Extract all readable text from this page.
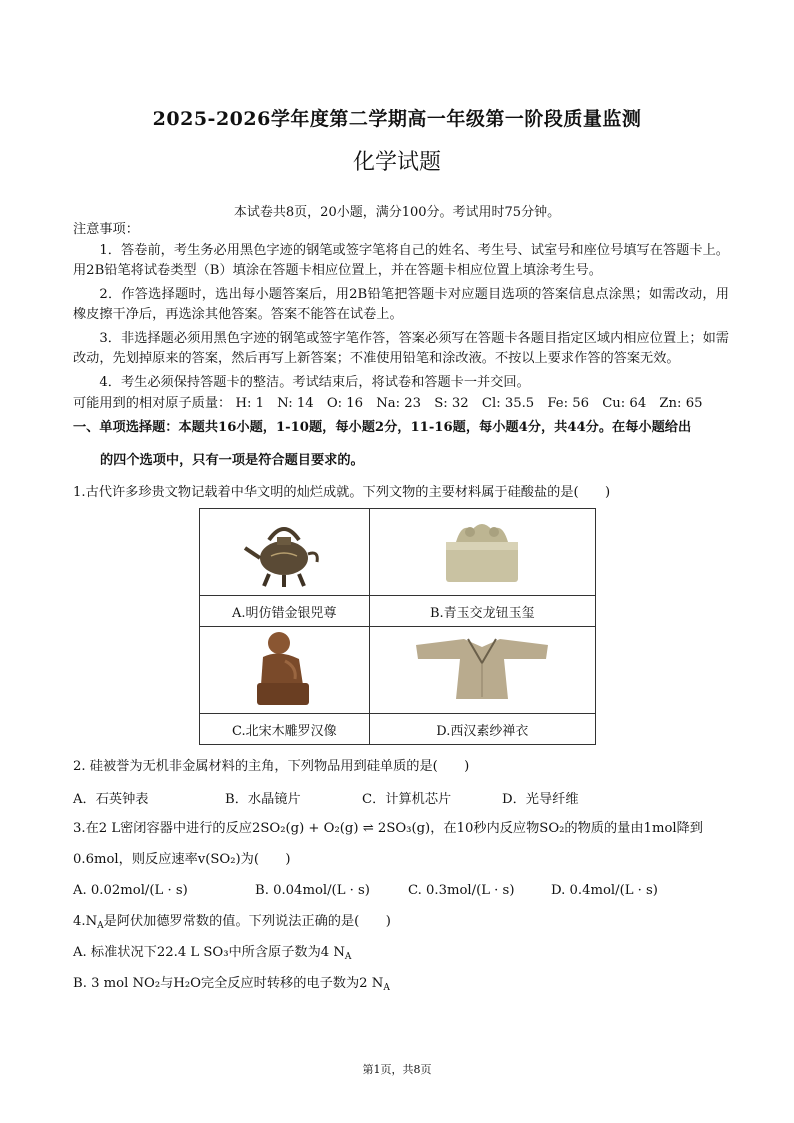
2025-2026学年度第二学期高一年级第一阶段质量监测
化学试题
本试卷共8页，20小题，满分100分。考试用时75分钟。
注意事项：
1．答卷前，考生务必用黑色字迹的钢笔或签字笔将自己的姓名、考生号、试室号和座位号填写在答题卡上。用2B铅笔将试卷类型（B）填涂在答题卡相应位置上，并在答题卡相应位置上填涂考生号。
2．作答选择题时，选出每小题答案后，用2B铅笔把答题卡对应题目选项的答案信息点涂黑；如需改动，用橡皮擦干净后，再选涂其他答案。答案不能答在试卷上。
3．非选择题必须用黑色字迹的钢笔或签字笔作答，答案必须写在答题卡各题目指定区域内相应位置上；如需改动，先划掉原来的答案，然后再写上新答案；不准使用铅笔和涂改液。不按以上要求作答的答案无效。
4．考生必须保持答题卡的整洁。考试结束后，将试卷和答题卡一并交回。
可能用到的相对原子质量： H: 1　N: 14　O: 16　Na: 23　S: 32　Cl: 35.5　Fe: 56　Cu: 64　Zn: 65
一、单项选择题：本题共16小题，1-10题，每小题2分，11-16题，每小题4分，共44分。在每小题给出
的四个选项中，只有一项是符合题目要求的。
1.古代许多珍贵文物记载着中华文明的灿烂成就。下列文物的主要材料属于硅酸盐的是(　　)

A.明仿错金银兕尊	B.青玉交龙钮玉玺

C.北宋木雕罗汉像	D.西汉素纱禅衣
2. 硅被誉为无机非金属材料的主角，下列物品用到硅单质的是(　　)
A．石英钟表	B．水晶镜片	C．计算机芯片	D．光导纤维
3.在2 L密闭容器中进行的反应2SO₂(g) + O₂(g) ⇌ 2SO₃(g)，在10秒内反应物SO₂的物质的量由1mol降到
0.6mol，则反应速率v(SO₂)为(　　)
A. 0.02mol/(L · s)	B. 0.04mol/(L · s)	C. 0.3mol/(L · s)	D. 0.4mol/(L · s)
$4.N_A$是阿伏加德罗常数的值。下列说法正确的是(　　)
A. 标准状况下22.4 L SO₃中所含原子数为4 $N_A$
B. 3 mol NO₂与H₂O完全反应时转移的电子数为2 $N_A$
第1页，共8页
